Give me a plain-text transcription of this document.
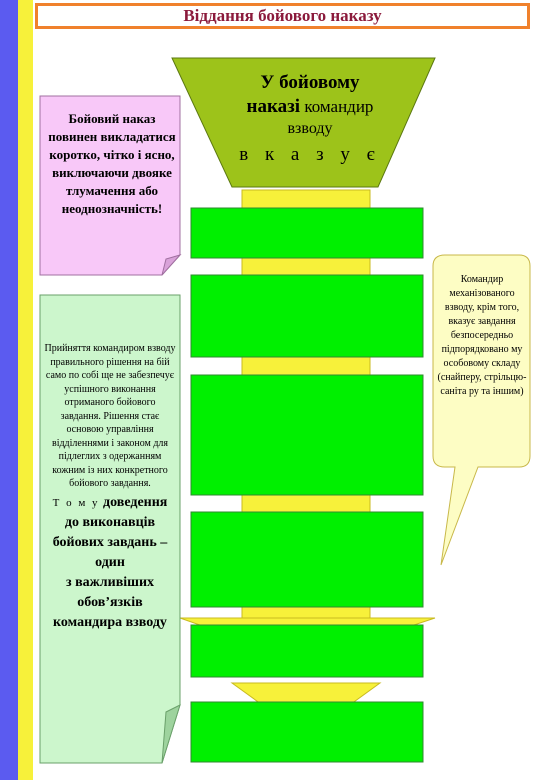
Віддання бойового наказу
У бойовому
наказі командир
взводу
в к а з у є
Бойовий наказ повинен викладатися коротко, чітко і ясно, виключаючи двояке тлумачення або неоднозначність!
Прийняття командиром взводу правильного рішення на бій само по собі ще не забезпечує успішного виконання отриманого бойового завдання. Рішення стає основою управління відділеннями і законом для підлеглих з одержанням кожним із них конкретного бойового завдання.
Т о м у доведення до виконавців бойових завдань – один
з важливіших обов’язків командира взводу
Командир механізованого взводу, крім того, вказує завдання безпосередньо підпорядковано му особовому складу (снайперу, стрільцю-саніта ру та іншим)
